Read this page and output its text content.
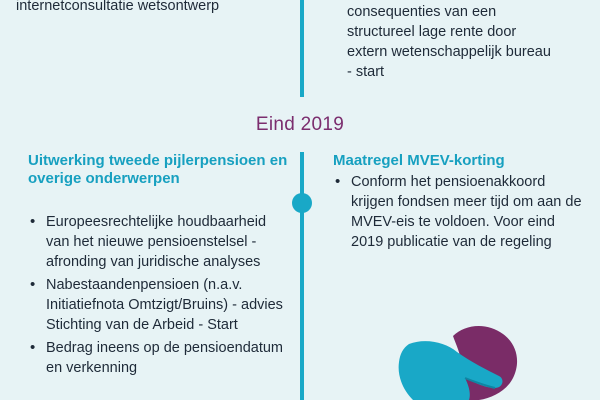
internetconsultatie wetsontwerp	consequenties van een
structureel lage rente door
extern wetenschappelijk bureau
- start

Eind 2019
Uitwerking tweede pijlerpensioen en overige onderwerpen
• Europeesrechtelijke houdbaarheid van het nieuwe pensioenstelsel - afronding van juridische analyses
• Nabestaandenpensioen (n.a.v. Initiatiefnota Omtzigt/Bruins) - advies Stichting van de Arbeid - Start
• Bedrag ineens op de pensioendatum en verkenning
Maatregel MVEV-korting
• Conform het pensioenakkoord krijgen fondsen meer tijd om aan de MVEV-eis te voldoen. Voor eind 2019 publicatie van de regeling
